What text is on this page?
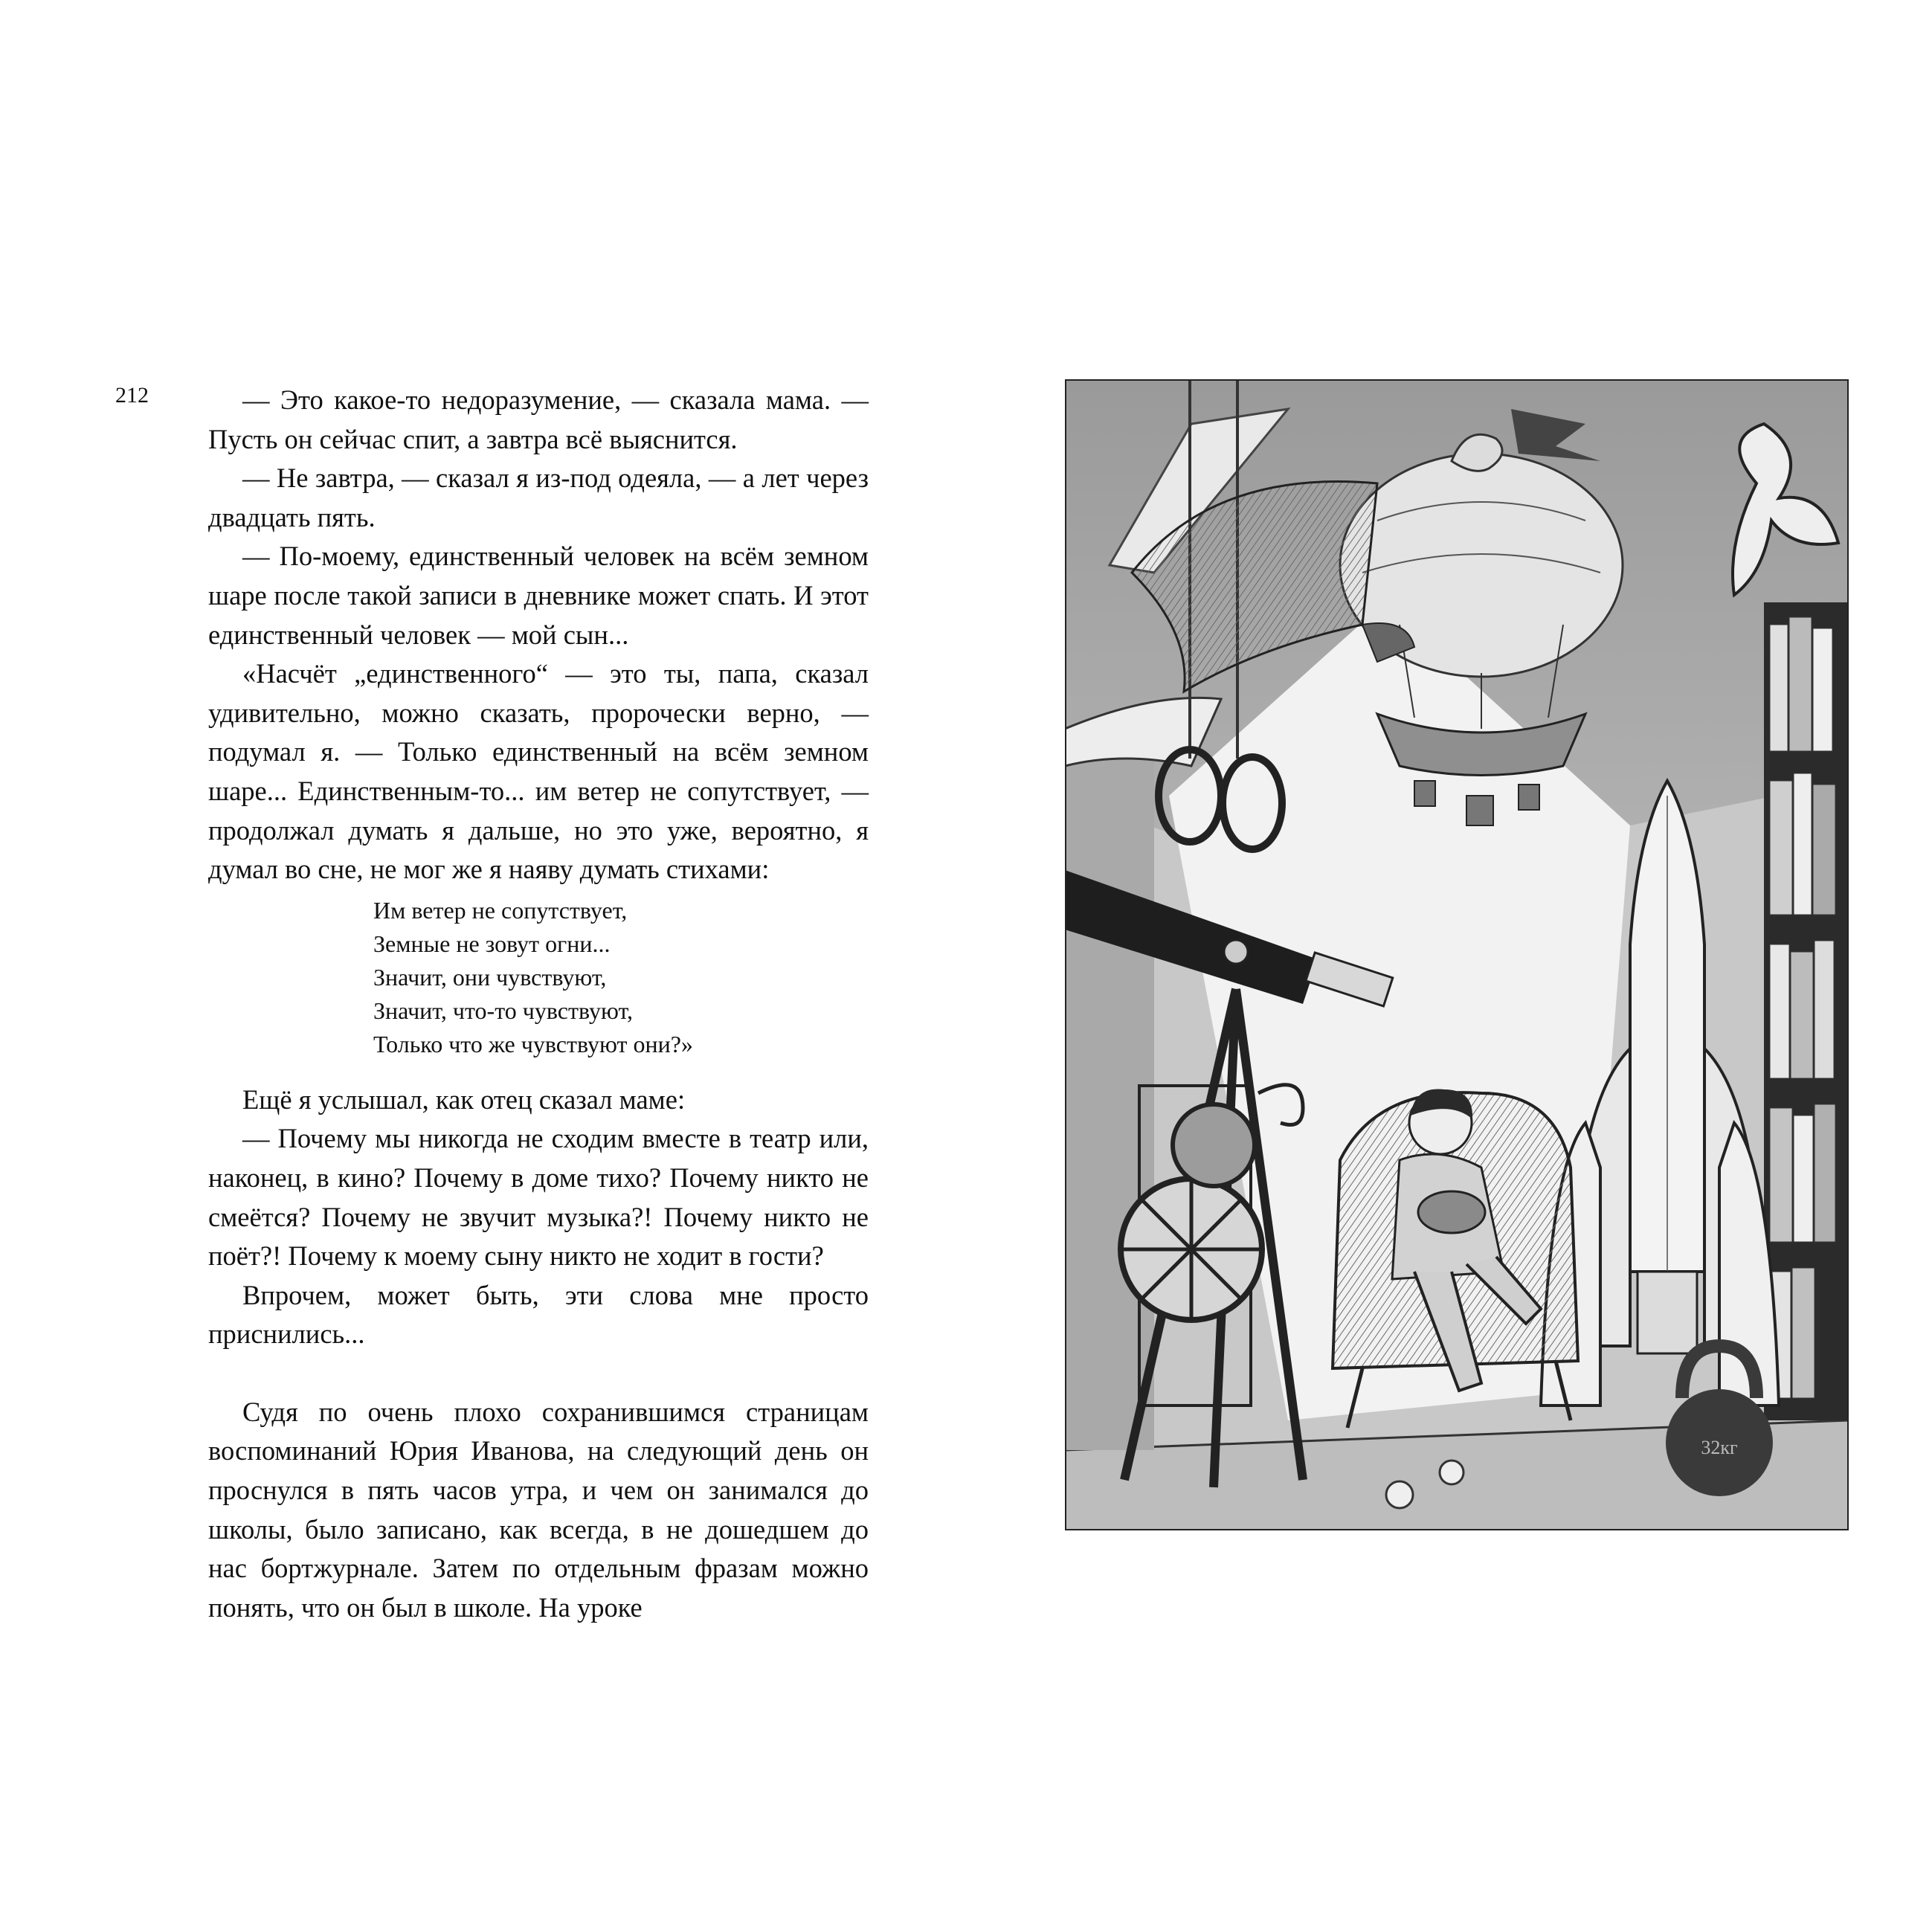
212	— Это какое-то недоразумение, — сказала мама. — Пусть он сейчас спит, а завтра всё выяснится.

— Не завтра, — сказал я из-под одеяла, — а лет через двадцать пять.

— По-моему, единственный человек на всём земном шаре после такой записи в дневнике может спать. И этот единственный человек — мой сын...

«Насчёт „единственного“ — это ты, папа, сказал удивительно, можно сказать, пророчески верно, — подумал я. — Только единственный на всём земном шаре... Единственным-то... им ветер не сопутствует, — продолжал думать я дальше, но это уже, вероятно, я думал во сне, не мог же я наяву думать стихами:

Им ветер не сопутствует,
Земные не зовут огни...
Значит, они чувствуют,
Значит, что-то чувствуют,
Только что же чувствуют они?»

Ещё я услышал, как отец сказал маме:

— Почему мы никогда не сходим вместе в театр или, наконец, в кино? Почему в доме тихо? Почему никто не смеётся? Почему не звучит музыка?! Почему никто не поёт?! Почему к моему сыну никто не ходит в гости?

Впрочем, может быть, эти слова мне просто приснились...

Судя по очень плохо сохранившимся страницам воспоминаний Юрия Иванова, на следующий день он проснулся в пять часов утра, и чем он занимался до школы, было записано, как всегда, в не дошедшем до нас бортжурнале. Затем по отдельным фразам можно понять, что он был в школе. На уроке

32кг
